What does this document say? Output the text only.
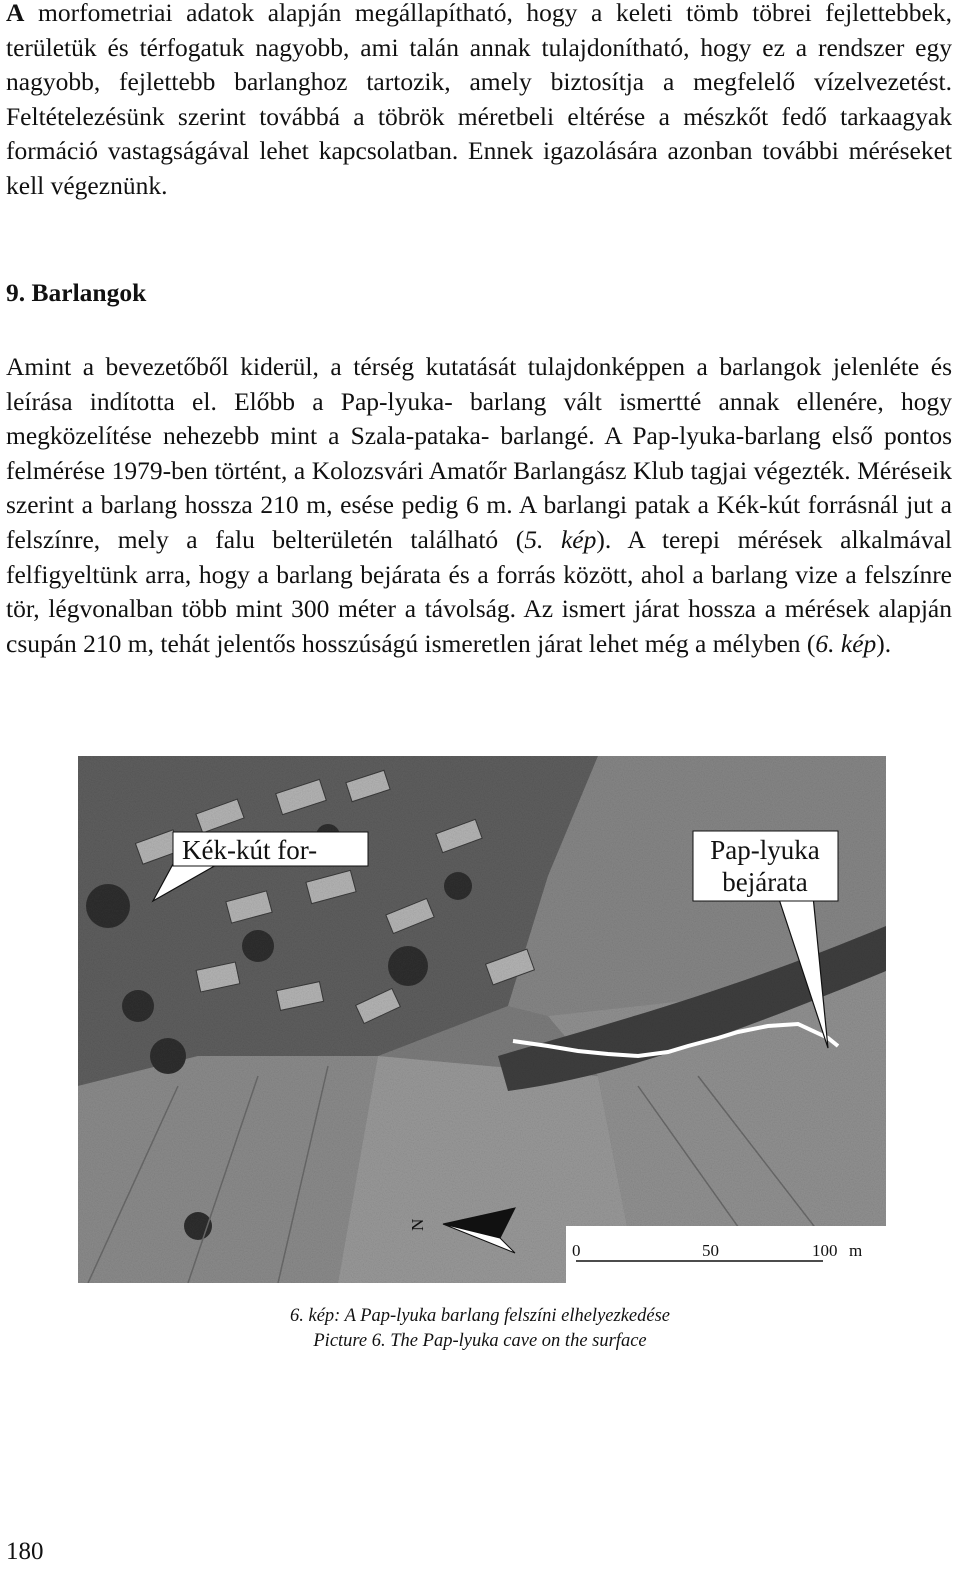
A morfometriai adatok alapján megállapítható, hogy a keleti tömb töbrei fejlettebbek, területük és térfogatuk nagyobb, ami talán annak tulajdonítható, hogy ez a rendszer egy nagyobb, fejlettebb barlanghoz tartozik, amely biztosítja a megfelelő vízelvezetést. Feltételezésünk szerint továbbá a töbrök méretbeli eltérése a mészkőt fedő tarkaagyak formáció vastagságával lehet kapcsolatban. Ennek igazolására azonban további méréseket kell végeznünk.

9. Barlangok

Amint a bevezetőből kiderül, a térség kutatását tulajdonképpen a barlangok jelenléte és leírása indította el. Előbb a Pap-lyuka- barlang vált ismertté annak ellenére, hogy megközelítése nehezebb mint a Szala-pataka- barlangé. A Pap-lyuka-barlang első pontos felmérése 1979-ben történt, a Kolozsvári Amatőr Barlangász Klub tagjai végezték. Méréseik szerint a barlang hossza 210 m, esése pedig 6 m. A barlangi patak a Kék-kút forrásnál jut a felszínre, mely a falu belterületén található (5. kép). A terepi mérések alkalmával felfigyeltünk arra, hogy a barlang bejárata és a forrás között, ahol a barlang vize a felszínre tör, légvonalban több mint 300 méter a távolság. Az ismert járat hossza a mérések alapján csupán 210 m, tehát jelentős hosszúságú ismeretlen járat lehet még a mélyben (6. kép).

Kék-kút for-	Pap-lyuka
bejárata
N
0	50	100 m

6. kép: A Pap-lyuka barlang felszíni elhelyezkedése

Picture 6. The Pap-lyuka cave on the surface

180
